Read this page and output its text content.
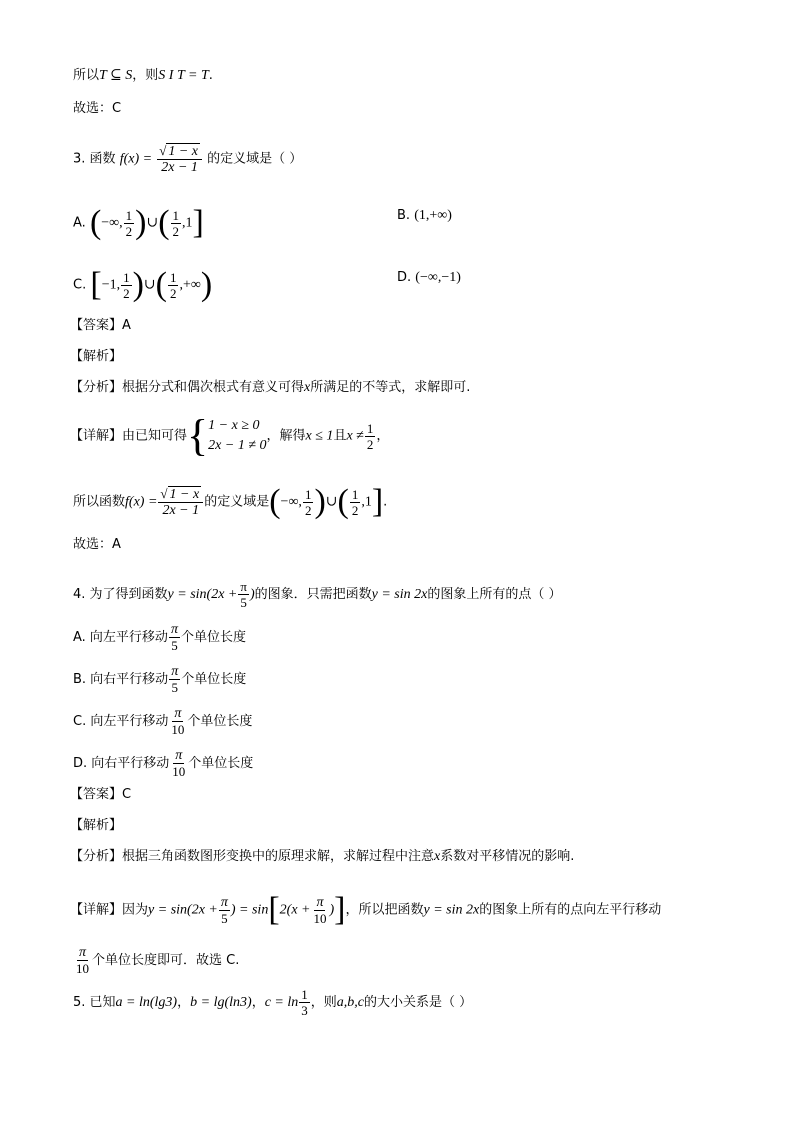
所以T ⊆ S，则S I T = T.
故选：C
3. 函数 $f(x) = \frac{√ 1 - x}{2x - 1}$ 的定义域是（ ）
A. (−∞, $\frac{1}{2}$ )∪( $\frac{1}{2} ,1$]	B. (1,+∞)
C. [−1, $\frac{1}{2}$ )∪( $\frac{1}{2}$ ,+∞)	D. (−∞,−1)
【答案】A
【解析】
【分析】根据分式和偶次根式有意义可得x所满足的不等式，求解即可.
【详解】由已知可得{ 1 − x ≥ 0
2x − 1 ≠ 0
，解得x ≤ 1且$x \ne \frac{1}{2}$ ，
所以函数$f(x) = \frac{√ 1 - x}{2x - 1}$ 的定义域是(−∞, $\frac{1}{2}$ )∪( $\frac{1}{2} ,1$].
故选：A
4. 为了得到函数$y = \sin(2x + \frac{\pi}{5}$ )的图象．只需把函数y = sin 2x的图象上所有的点（ ）
A. 向左平行移动 $\frac{\pi}{5}$ 个单位长度
B. 向右平行移动 $\frac{\pi}{5}$ 个单位长度
C. 向左平行移动 $\frac{\pi}{10}$ 个单位长度
D. 向右平行移动 $\frac{\pi}{10}$ 个单位长度
【答案】C
【解析】
【分析】根据三角函数图形变换中的原理求解，求解过程中注意x系数对平移情况的影响.
【详解】因为$y = \sin(2x + \frac{\pi}{5}$ ) = $\sin[2(x + \frac{\pi}{10}$ )]，所以把函数y = sin 2x的图象上所有的点向左平行移动
$\frac{\pi}{10}$ 个单位长度即可．故选 C.
5. 已知a = ln(lg3)，b = lg(ln3)，$c = \ln \frac{1}{3}$ ，则a,b,c的大小关系是（ ）
